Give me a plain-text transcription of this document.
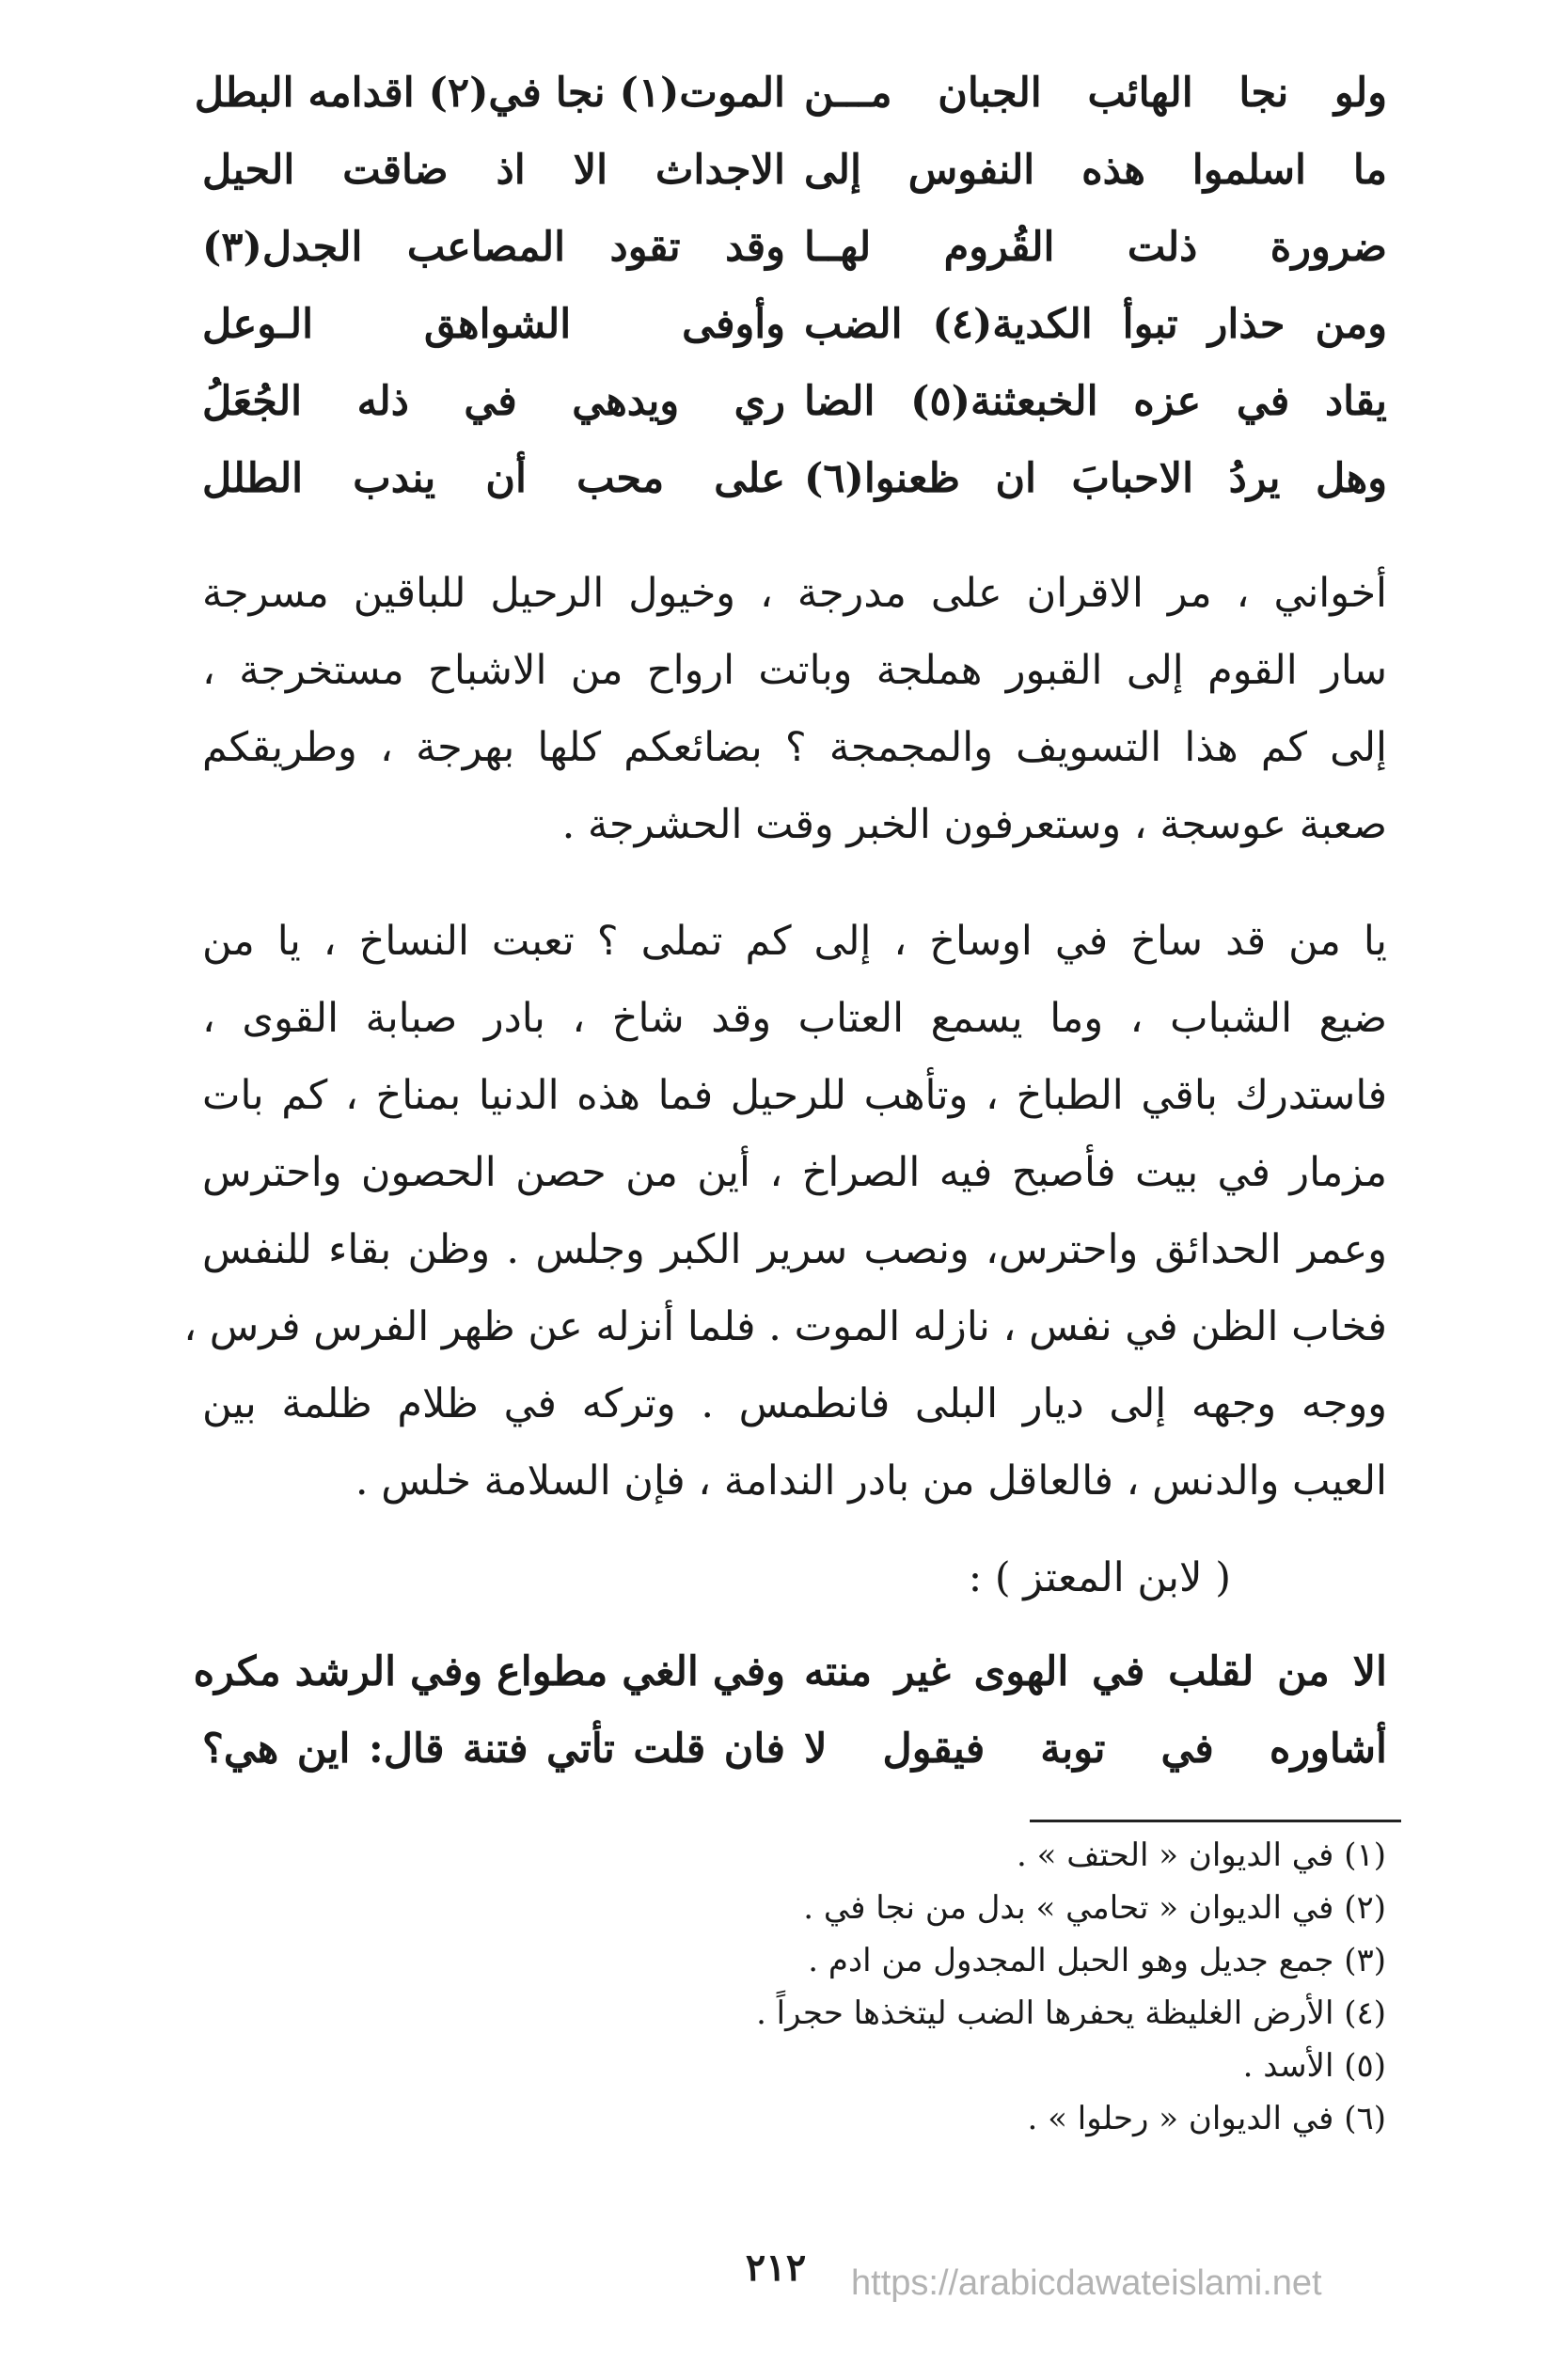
ولو نجا الهائب الجبان مـــن
الموت(١) نجا في(٢) اقدامه البطل
ما اسلموا هذه النفوس إلى
الاجداث الا اذ ضاقت الحيل
ضرورة ذلت القُروم لهــا
وقد تقود المصاعب الجدل(٣)
ومن حذار تبوأ الكدية(٤) الضب
وأوفى الشواهق الـوعل
يقاد في عزه الخبعثنة(٥) الضا
ري ويدهي في ذله الجُعَلُ
وهل يردُ الاحبابَ ان ظعنوا(٦)
على محب أن يندب الطلل
أخواني ، مر الاقران على مدرجة ، وخيول الرحيل للباقين مسرجة
سار القوم إلى القبور هملجة وباتت ارواح من الاشباح مستخرجة ،
إلى كم هذا التسويف والمجمجة ؟ بضائعكم كلها بهرجة ، وطريقكم
صعبة عوسجة ، وستعرفون الخبر وقت الحشرجة .
يا من قد ساخ في اوساخ ، إلى كم تملى ؟ تعبت النساخ ، يا من
ضيع الشباب ، وما يسمع العتاب وقد شاخ ، بادر صبابة القوى ،
فاستدرك باقي الطباخ ، وتأهب للرحيل فما هذه الدنيا بمناخ ، كم بات
مزمار في بيت فأصبح فيه الصراخ ، أين من حصن الحصون واحترس
وعمر الحدائق واحترس، ونصب سرير الكبر وجلس . وظن بقاء للنفس
فخاب الظن في نفس ، نازله الموت . فلما أنزله عن ظهر الفرس فرس ،
ووجه وجهه إلى ديار البلى فانطمس . وتركه في ظلام ظلمة بين
العيب والدنس ، فالعاقل من بادر الندامة ، فإن السلامة خلس .
( لابن المعتز ) :
الا من لقلب في الهوى غير منته
وفي الغي مطواع وفي الرشد مكره
أشاوره في توبة فيقول لا
فان قلت تأتي فتنة قال: اين هي؟
(١) في الديوان « الحتف » .
(٢) في الديوان « تحامي » بدل من نجا في .
(٣) جمع جديل وهو الحبل المجدول من ادم .
(٤) الأرض الغليظة يحفرها الضب ليتخذها حجراً .
(٥) الأسد .
(٦) في الديوان « رحلوا » .
٢١٢	https://arabicdawateislami.net
